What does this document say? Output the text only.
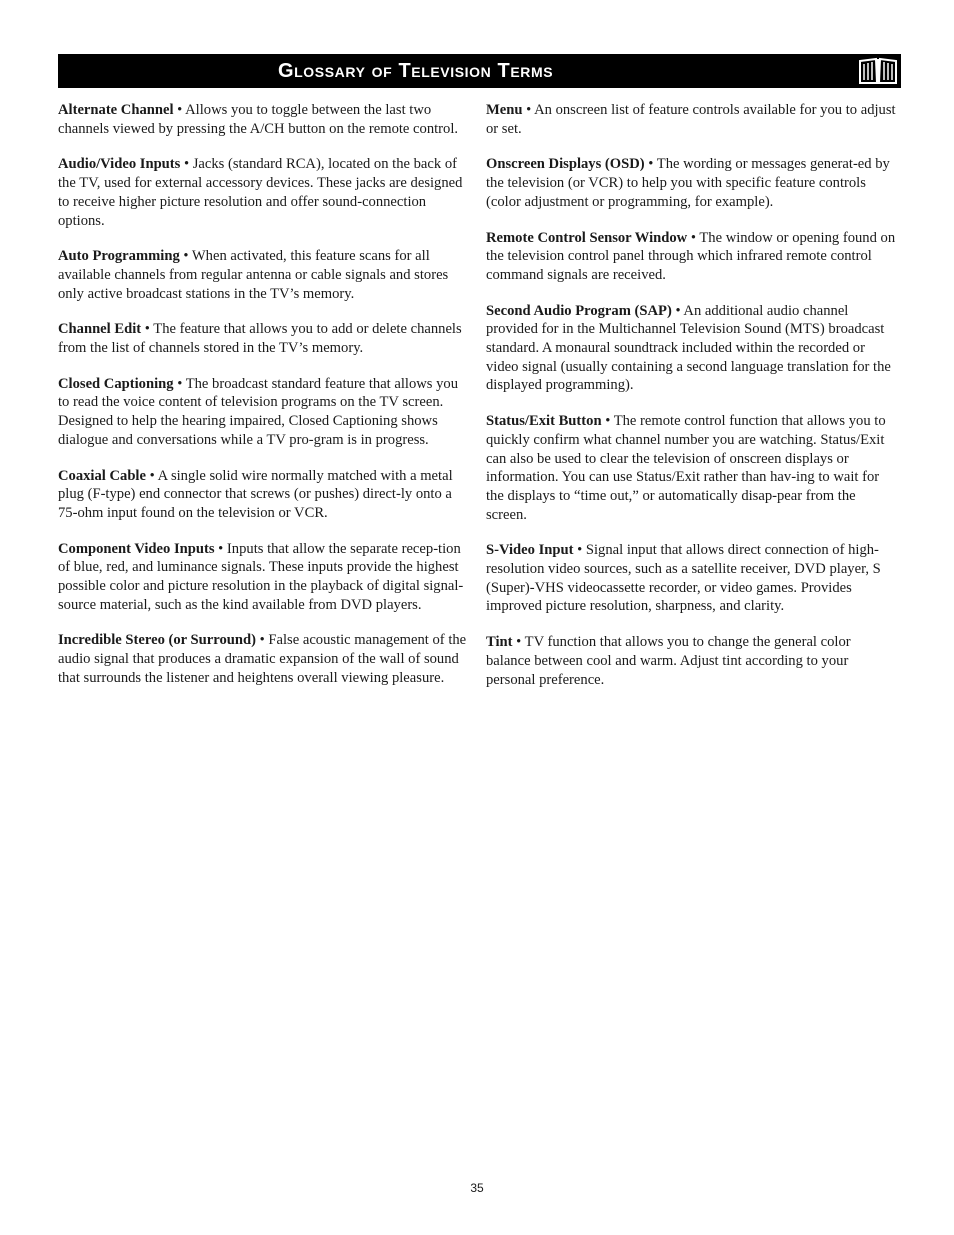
Glossary of Television Terms

Alternate Channel • Allows you to toggle between the last two channels viewed by pressing the A/CH button on the remote control.

Audio/Video Inputs • Jacks (standard RCA), located on the back of the TV, used for external accessory devices. These jacks are designed to receive higher picture resolution and offer sound-connection options.

Auto Programming • When activated, this feature scans for all available channels from regular antenna or cable signals and stores only active broadcast stations in the TV’s memory.

Channel Edit • The feature that allows you to add or delete channels from the list of channels stored in the TV’s memory.

Closed Captioning • The broadcast standard feature that allows you to read the voice content of television programs on the TV screen. Designed to help the hearing impaired, Closed Captioning shows dialogue and conversations while a TV pro-gram is in progress.

Coaxial Cable • A single solid wire normally matched with a metal plug (F-type) end connector that screws (or pushes) direct-ly onto a 75-ohm input found on the television or VCR.

Component Video Inputs • Inputs that allow the separate recep-tion of blue, red, and luminance signals. These inputs provide the highest possible color and picture resolution in the playback of digital signal-source material, such as the kind available from DVD players.

Incredible Stereo (or Surround) • False acoustic management of the audio signal that produces a dramatic expansion of the wall of sound that surrounds the listener and heightens overall viewing pleasure.

Menu • An onscreen list of feature controls available for you to adjust or set.

Onscreen Displays (OSD) • The wording or messages generat-ed by the television (or VCR) to help you with specific feature controls (color adjustment or programming, for example).

Remote Control Sensor Window • The window or opening found on the television control panel through which infrared remote control command signals are received.

Second Audio Program (SAP) • An additional audio channel provided for in the Multichannel Television Sound (MTS) broadcast standard. A monaural soundtrack included within the recorded or video signal (usually containing a second language translation for the displayed programming).

Status/Exit Button • The remote control function that allows you to quickly confirm what channel number you are watching. Status/Exit can also be used to clear the television of onscreen displays or information. You can use Status/Exit rather than hav-ing to wait for the displays to “time out,” or automatically disap-pear from the screen.

S-Video Input • Signal input that allows direct connection of high-resolution video sources, such as a satellite receiver, DVD player, S (Super)-VHS videocassette recorder, or video games. Provides improved picture resolution, sharpness, and clarity.

Tint • TV function that allows you to change the general color balance between cool and warm. Adjust tint according to your personal preference.

35
